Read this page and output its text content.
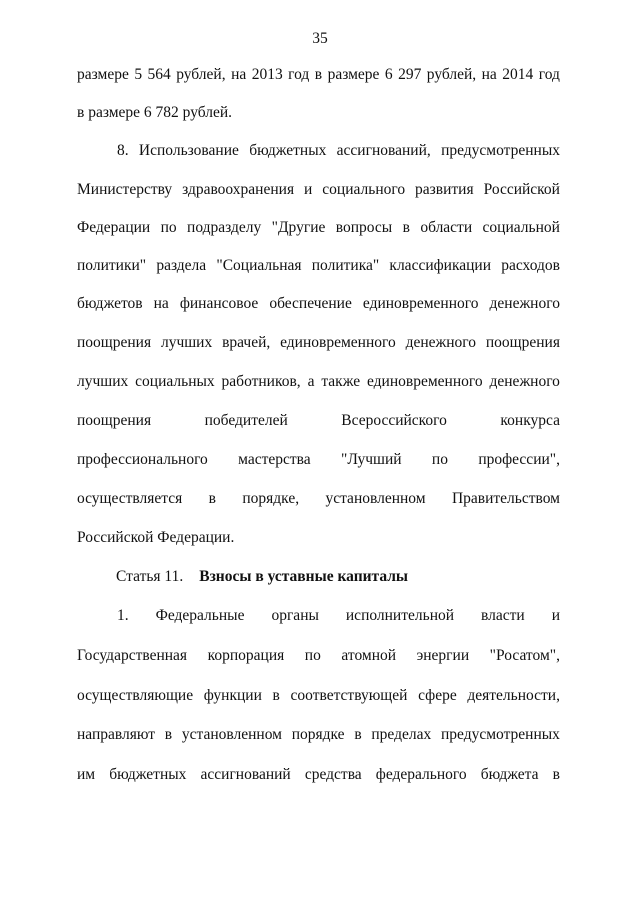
35
размере 5 564 рублей, на 2013 год в размере 6 297 рублей, на 2014 год
в размере 6 782 рублей.
8. Использование бюджетных ассигнований, предусмотренных
Министерству здравоохранения и социального развития Российской
Федерации по подразделу "Другие вопросы в области социальной
политики" раздела "Социальная политика" классификации расходов
бюджетов на финансовое обеспечение единовременного денежного
поощрения лучших врачей, единовременного денежного поощрения
лучших социальных работников, а также единовременного денежного
поощрения	победителей	Всероссийского	конкурса
профессионального мастерства "Лучший по профессии",
осуществляется в порядке, установленном Правительством
Российской Федерации.
Статья 11. Взносы в уставные капиталы
1. Федеральные органы исполнительной власти и
Государственная корпорация по атомной энергии "Росатом",
осуществляющие функции в соответствующей сфере деятельности,
направляют в установленном порядке в пределах предусмотренных
им бюджетных ассигнований средства федерального бюджета в
